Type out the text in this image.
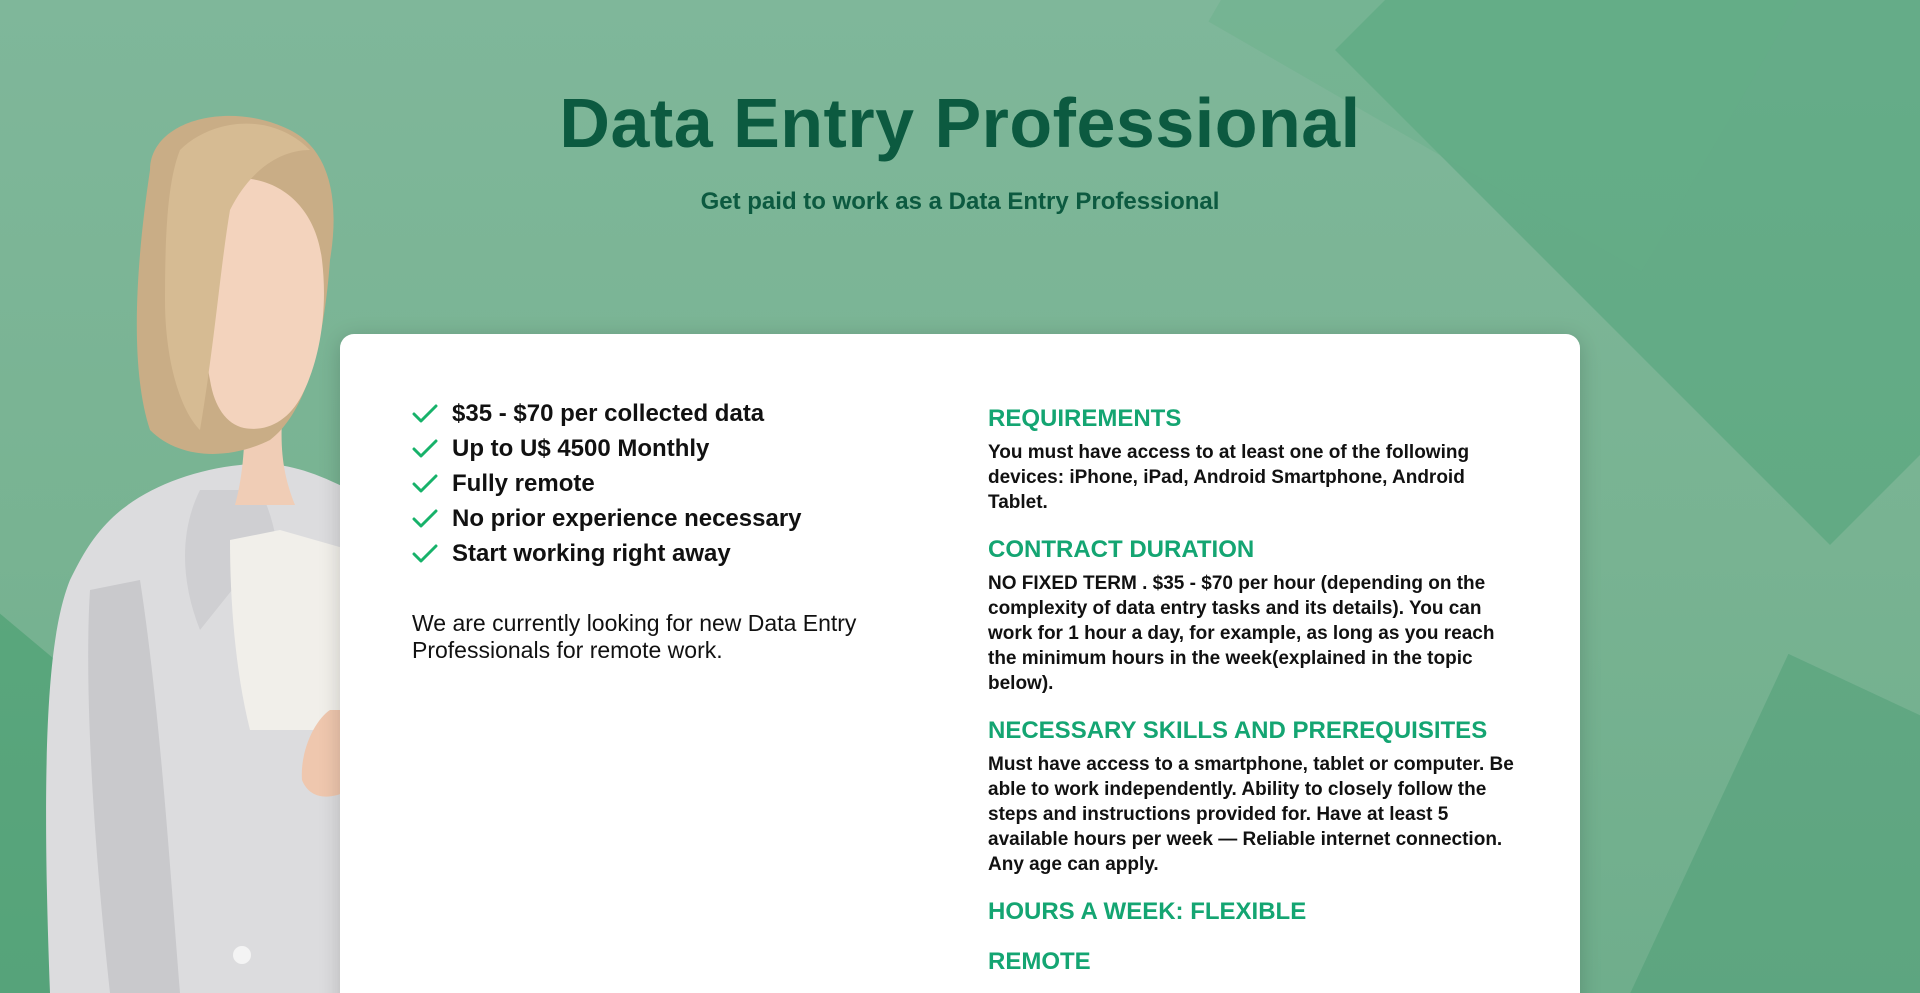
Data Entry Professional

Get paid to work as a Data Entry Professional

$35 - $70 per collected data
Up to U$ 4500 Monthly
Fully remote
No prior experience necessary
Start working right away

We are currently looking for new Data Entry Professionals for remote work.

REQUIREMENTS

You must have access to at least one of the following devices: iPhone, iPad, Android Smartphone, Android Tablet.

CONTRACT DURATION

NO FIXED TERM . $35 - $70 per hour (depending on the complexity of data entry tasks and its details). You can work for 1 hour a day, for example, as long as you reach the minimum hours in the week(explained in the topic below).

NECESSARY SKILLS AND PREREQUISITES

Must have access to a smartphone, tablet or computer. Be able to work independently. Ability to closely follow the steps and instructions provided for. Have at least 5 available hours per week — Reliable internet connection. Any age can apply.

HOURS A WEEK: FLEXIBLE
REMOTE
